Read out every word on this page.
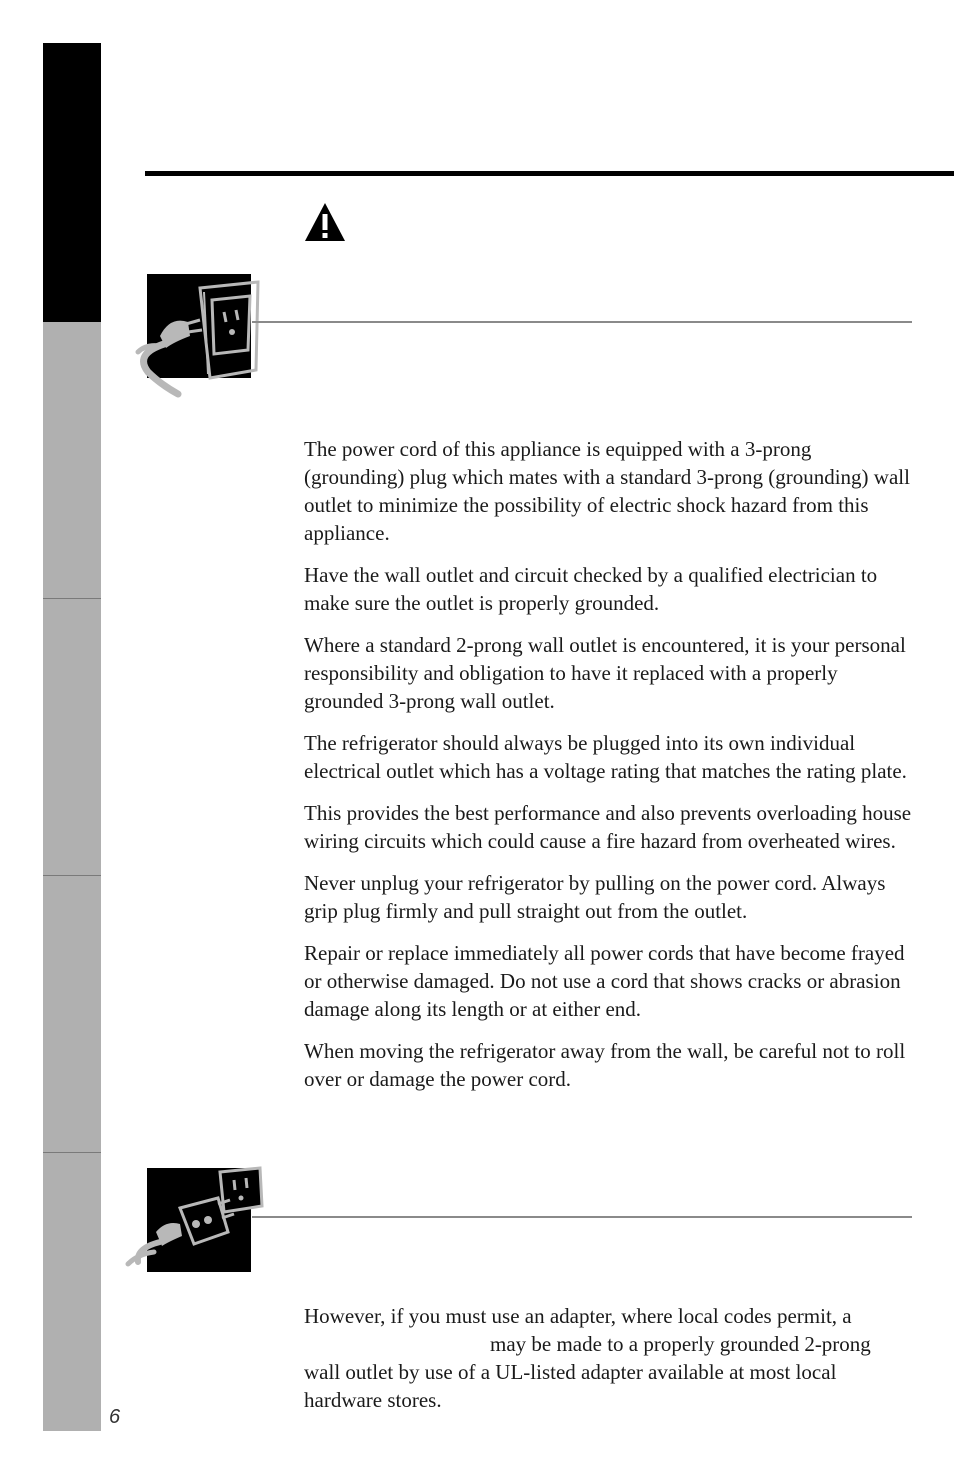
The power cord of this appliance is equipped with a 3-prong (grounding) plug which mates with a standard 3-prong (grounding) wall outlet to minimize the possibility of electric shock hazard from this appliance.

Have the wall outlet and circuit checked by a qualified electrician to make sure the outlet is properly grounded.

Where a standard 2-prong wall outlet is encountered, it is your personal responsibility and obligation to have it replaced with a properly grounded 3-prong wall outlet.

The refrigerator should always be plugged into its own individual electrical outlet which has a voltage rating that matches the rating plate.

This provides the best performance and also prevents overloading house wiring circuits which could cause a fire hazard from overheated wires.

Never unplug your refrigerator by pulling on the power cord. Always grip plug firmly and pull straight out from the outlet.

Repair or replace immediately all power cords that have become frayed or otherwise damaged. Do not use a cord that shows cracks or abrasion damage along its length or at either end.

When moving the refrigerator away from the wall, be careful not to roll over or damage the power cord.

However, if you must use an adapter, where local codes permit, a
may be made to a properly grounded 2-prong
wall outlet by use of a UL-listed adapter available at most local hardware stores.

6
